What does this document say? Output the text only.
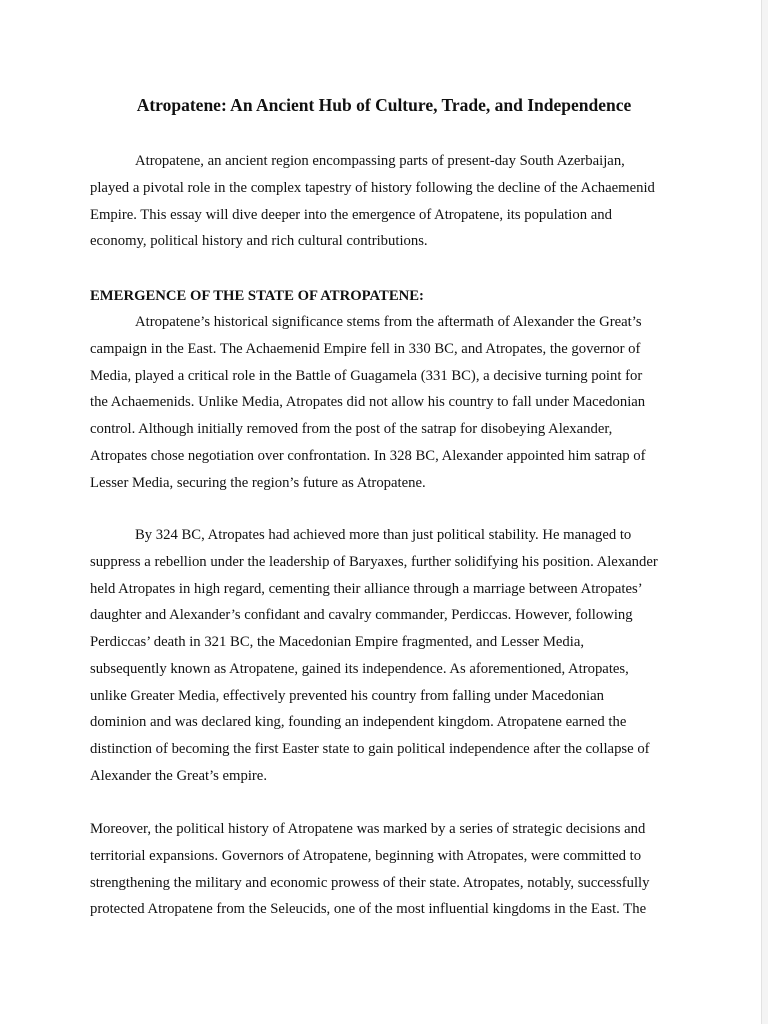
Atropatene: An Ancient Hub of Culture, Trade, and Independence

Atropatene, an ancient region encompassing parts of present-day South Azerbaijan,
played a pivotal role in the complex tapestry of history following the decline of the Achaemenid
Empire. This essay will dive deeper into the emergence of Atropatene, its population and
economy, political history and rich cultural contributions.

EMERGENCE OF THE STATE OF ATROPATENE:

Atropatene’s historical significance stems from the aftermath of Alexander the Great’s
campaign in the East. The Achaemenid Empire fell in 330 BC, and Atropates, the governor of
Media, played a critical role in the Battle of Guagamela (331 BC), a decisive turning point for
the Achaemenids. Unlike Media, Atropates did not allow his country to fall under Macedonian
control. Although initially removed from the post of the satrap for disobeying Alexander,
Atropates chose negotiation over confrontation. In 328 BC, Alexander appointed him satrap of
Lesser Media, securing the region’s future as Atropatene.

By 324 BC, Atropates had achieved more than just political stability. He managed to
suppress a rebellion under the leadership of Baryaxes, further solidifying his position. Alexander
held Atropates in high regard, cementing their alliance through a marriage between Atropates’
daughter and Alexander’s confidant and cavalry commander, Perdiccas. However, following
Perdiccas’ death in 321 BC, the Macedonian Empire fragmented, and Lesser Media,
subsequently known as Atropatene, gained its independence. As aforementioned, Atropates,
unlike Greater Media, effectively prevented his country from falling under Macedonian
dominion and was declared king, founding an independent kingdom. Atropatene earned the
distinction of becoming the first Easter state to gain political independence after the collapse of
Alexander the Great’s empire.

Moreover, the political history of Atropatene was marked by a series of strategic decisions and
territorial expansions. Governors of Atropatene, beginning with Atropates, were committed to
strengthening the military and economic prowess of their state. Atropates, notably, successfully
protected Atropatene from the Seleucids, one of the most influential kingdoms in the East. The
